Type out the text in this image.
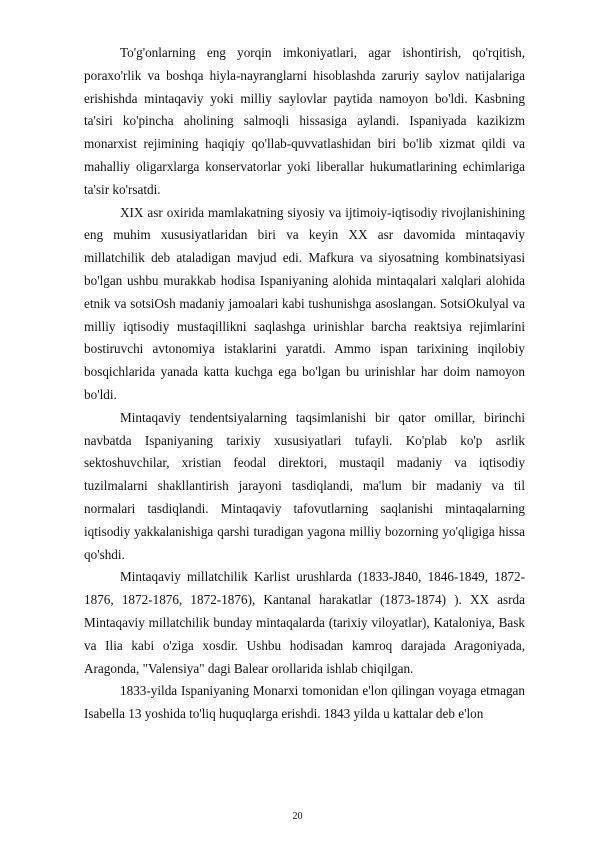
To'g'onlarning eng yorqin imkoniyatlari, agar ishontirish, qo'rqitish, poraxo'rlik va boshqa hiyla-nayranglarni hisoblashda zaruriy saylov natijalariga erishishda mintaqaviy yoki milliy saylovlar paytida namoyon bo'ldi. Kasbning ta'siri ko'pincha aholining salmoqli hissasiga aylandi. Ispaniyada kazikizm monarxist rejimining haqiqiy qo'llab-quvvatlashidan biri bo'lib xizmat qildi va mahalliy oligarxlarga konservatorlar yoki liberallar hukumatlarining echimlariga ta'sir ko'rsatdi.

XIX asr oxirida mamlakatning siyosiy va ijtimoiy-iqtisodiy rivojlanishining eng muhim xususiyatlaridan biri va keyin XX asr davomida mintaqaviy millatchilik deb ataladigan mavjud edi. Mafkura va siyosatning kombinatsiyasi bo'lgan ushbu murakkab hodisa Ispaniyaning alohida mintaqalari xalqlari alohida etnik va sotsiOsh madaniy jamoalari kabi tushunishga asoslangan. SotsiOkulyal va milliy iqtisodiy mustaqillikni saqlashga urinishlar barcha reaktsiya rejimlarini bostiruvchi avtonomiya istaklarini yaratdi. Ammo ispan tarixining inqilobiy bosqichlarida yanada katta kuchga ega bo'lgan bu urinishlar har doim namoyon bo'ldi.

Mintaqaviy tendentsiyalarning taqsimlanishi bir qator omillar, birinchi navbatda Ispaniyaning tarixiy xususiyatlari tufayli. Ko'plab ko'p asrlik sektoshuvchilar, xristian feodal direktori, mustaqil madaniy va iqtisodiy tuzilmalarni shakllantirish jarayoni tasdiqlandi, ma'lum bir madaniy va til normalari tasdiqlandi. Mintaqaviy tafovutlarning saqlanishi mintaqalarning iqtisodiy yakkalanishiga qarshi turadigan yagona milliy bozorning yo'qligiga hissa qo'shdi.

Mintaqaviy millatchilik Karlist urushlarda (1833-J840, 1846-1849, 1872-1876, 1872-1876, 1872-1876), Kantanal harakatlar (1873-1874) ). XX asrda Mintaqaviy millatchilik bunday mintaqalarda (tarixiy viloyatlar), Kataloniya, Bask va Ilia kabi o'ziga xosdir. Ushbu hodisadan kamroq darajada Aragoniyada, Aragonda, "Valensiya" dagi Balear orollarida ishlab chiqilgan.

1833-yilda Ispaniyaning Monarxi tomonidan e'lon qilingan voyaga etmagan Isabella 13 yoshida to'liq huquqlarga erishdi. 1843 yilda u kattalar deb e'lon

20
